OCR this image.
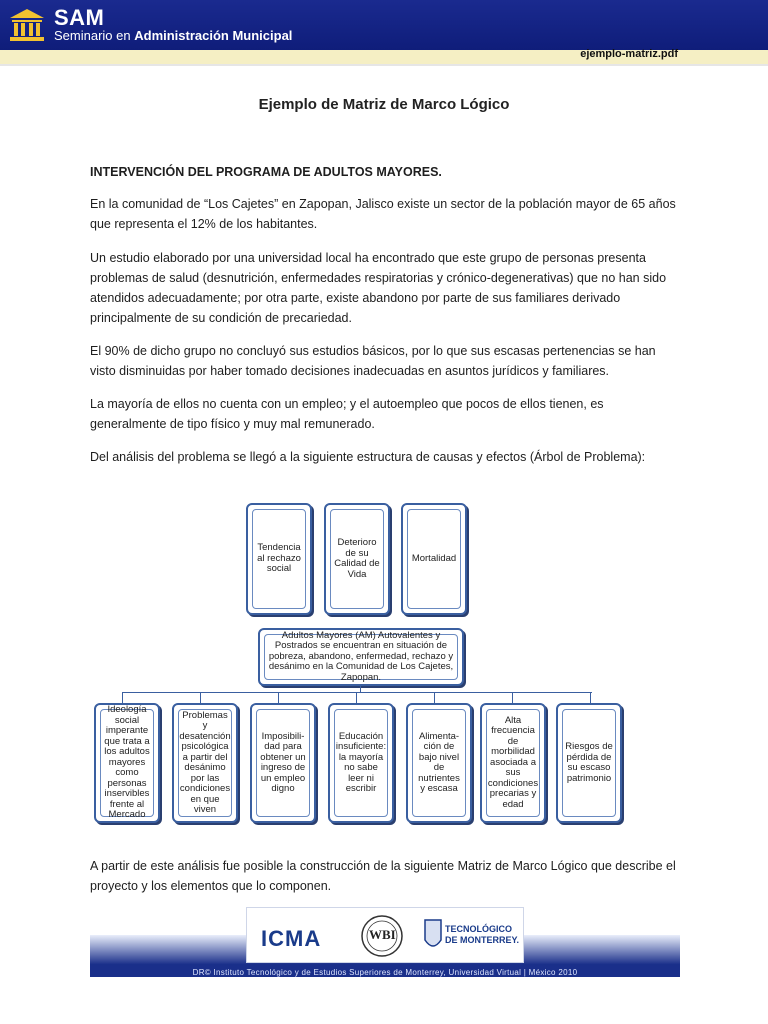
SAM
Seminario en Administración Municipal
ejemplo-matriz.pdf
Ejemplo de Matriz de Marco Lógico
INTERVENCIÓN DEL PROGRAMA DE ADULTOS MAYORES.
En la comunidad de “Los Cajetes” en Zapopan, Jalisco existe un sector de la población mayor de 65 años que representa el 12% de los habitantes.
Un estudio elaborado por una universidad local ha encontrado que este grupo de personas presenta problemas de salud (desnutrición, enfermedades respiratorias y crónico-degenerativas) que no han sido atendidos adecuadamente; por otra parte, existe abandono por parte de sus familiares derivado principalmente de su condición de precariedad.
El 90% de dicho grupo no concluyó sus estudios básicos, por lo que sus escasas pertenencias se han visto disminuidas por haber tomado decisiones inadecuadas en asuntos jurídicos y familiares.
La mayoría de ellos no cuenta con un empleo; y el autoempleo que pocos de ellos tienen, es generalmente de tipo físico y muy mal remunerado.
Del análisis del problema se llegó a la siguiente estructura de causas y efectos (Árbol de Problema):
Tendencia al rechazo social
Deterioro de su Calidad de Vida
Mortalidad
Adultos Mayores (AM) Autovalentes y Postrados se encuentran en situación de pobreza, abandono, enfermedad, rechazo y desánimo en la Comunidad de Los Cajetes, Zapopan.
Ideología social imperante que trata a los adultos mayores como personas inservibles frente al Mercado
Problemas y desatención psicológica a partir del desánimo por las condiciones en que viven
Imposibili-dad para obtener un ingreso de un empleo digno
Educación insuficiente: la mayoría no sabe leer ni escribir
Alimenta-ción de bajo nivel de nutrientes y escasa
Alta frecuencia de morbilidad asociada a sus condiciones precarias y edad
Riesgos de pérdida de su escaso patrimonio
A partir de este análisis fue posible la construcción de la siguiente Matriz de Marco Lógico que describe el proyecto y los elementos que lo componen.
ICMA	WBI	TECNOLÓGICO
DE MONTERREY.
DR© Instituto Tecnológico y de Estudios Superiores de Monterrey, Universidad Virtual | México 2010
